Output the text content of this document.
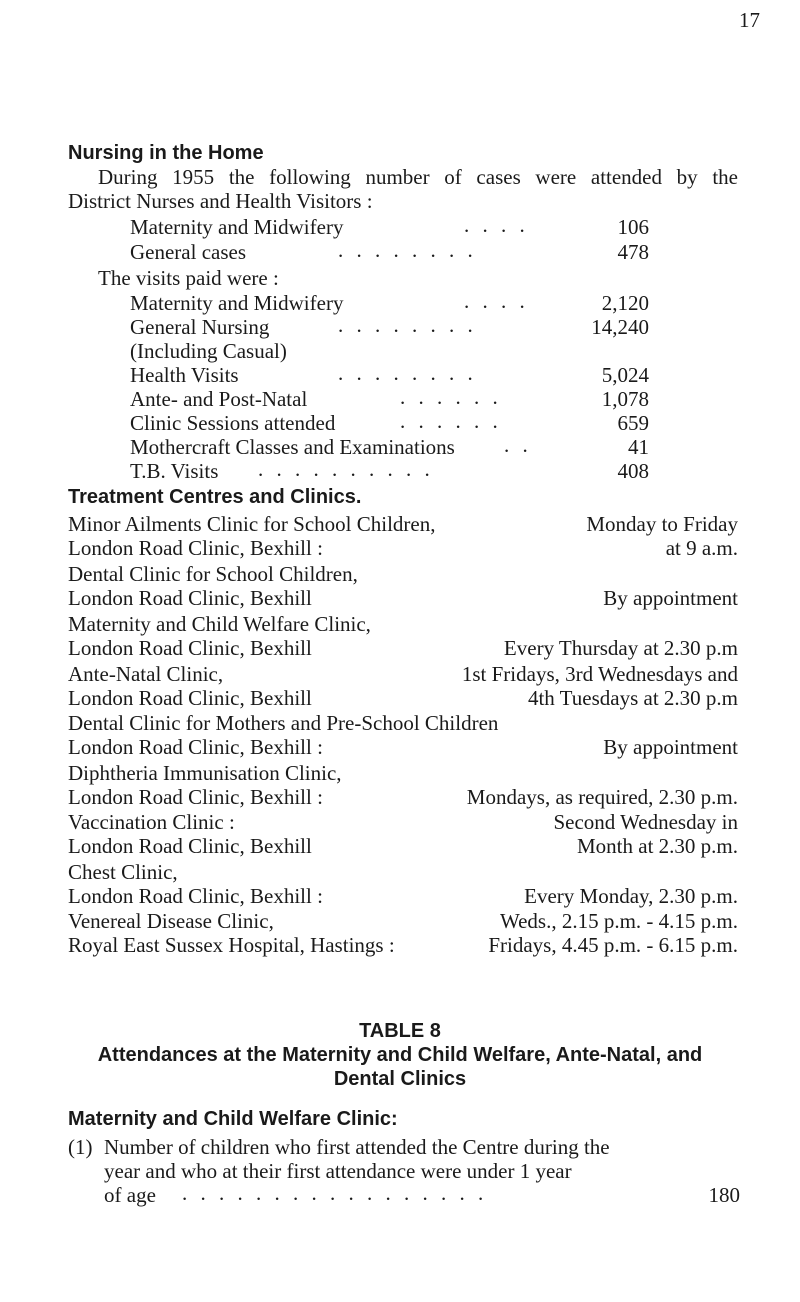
17
Nursing in the Home
During 1955 the following number of cases were attended by the
District Nurses and Health Visitors :
Maternity and Midwifery	. . . .	106
General cases	. . . . . . . .	478
The visits paid were :
Maternity and Midwifery	. . . .	2,120
General Nursing	. . . . . . . .	14,240
(Including Casual)
Health Visits	. . . . . . . .	5,024
Ante- and Post-Natal	. . . . . .	1,078
Clinic Sessions attended	. . . . . .	659
Mothercraft Classes and Examinations . .	41
T.B. Visits . . . . . . . . . .	408
Treatment Centres and Clinics.
Minor Ailments Clinic for School Children,	Monday to Friday
London Road Clinic, Bexhill :	at 9 a.m.
Dental Clinic for School Children,
London Road Clinic, Bexhill	By appointment
Maternity and Child Welfare Clinic,
London Road Clinic, Bexhill	Every Thursday at 2.30 p.m
Ante-Natal Clinic,	1st Fridays, 3rd Wednesdays and
London Road Clinic, Bexhill	4th Tuesdays at 2.30 p.m
Dental Clinic for Mothers and Pre-School Children
London Road Clinic, Bexhill :	By appointment
Diphtheria Immunisation Clinic,
London Road Clinic, Bexhill :	Mondays, as required, 2.30 p.m.
Vaccination Clinic :	Second Wednesday in
London Road Clinic, Bexhill	Month at 2.30 p.m.
Chest Clinic,
London Road Clinic, Bexhill :	Every Monday, 2.30 p.m.
Venereal Disease Clinic,	Weds., 2.15 p.m. - 4.15 p.m.
Royal East Sussex Hospital, Hastings :	Fridays, 4.45 p.m. - 6.15 p.m.
TABLE 8
Attendances at the Maternity and Child Welfare, Ante-Natal, and
Dental Clinics
Maternity and Child Welfare Clinic:
(1) Number of children who first attended the Centre during the
year and who at their first attendance were under 1 year
of age . . . . . . . . . . . . . . . . .	180
